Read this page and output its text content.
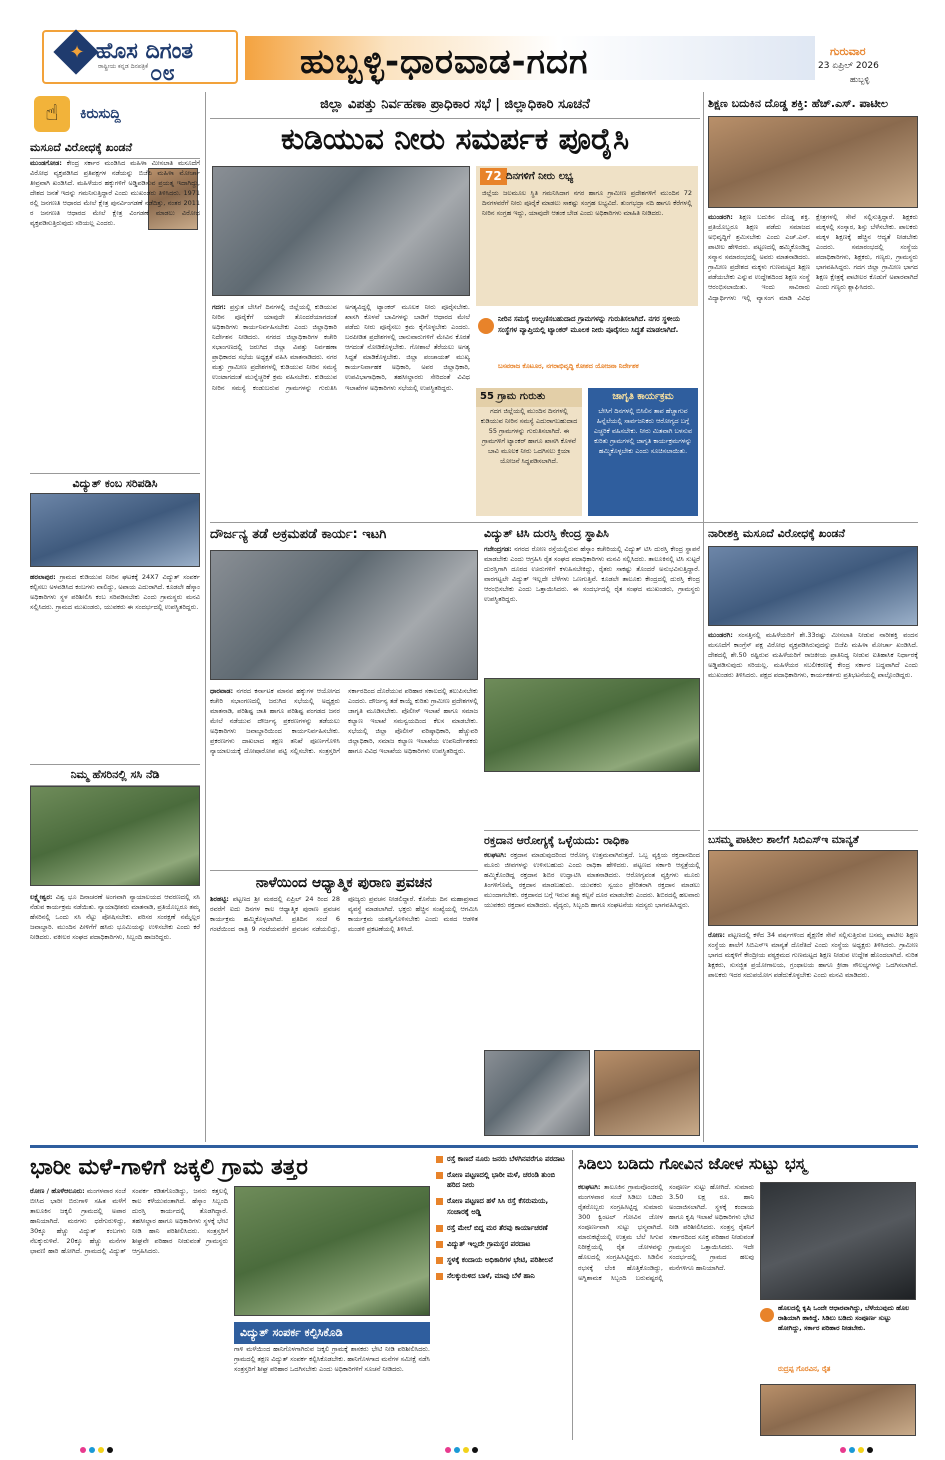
✦ ಹೊಸ ದಿಗಂತ
ರಾಷ್ಟ್ರೀಯ ಕನ್ನಡ ದಿನಪತ್ರಿಕೆ ೦೮	ಹುಬ್ಬಳ್ಳಿ-ಧಾರವಾಡ-ಗದಗ	ಗುರುವಾರ
23 ಏಪ್ರಿಲ್ 2026
ಹುಬ್ಬಳ್ಳಿ
☝	ಕಿರುಸುದ್ದಿ
ಮಸೂದೆ ವಿರೋಧಕ್ಕೆ ಖಂಡನೆ
ಮುಂಡಗೋಡ: ಕೇಂದ್ರ ಸರ್ಕಾರ ಮಂಡಿಸಿದ ಮಹಿಳಾ ಮೀಸಲಾತಿ ಮಸೂದೆಗೆ ವಿರೋಧ ವ್ಯಕ್ತಪಡಿಸಿದ ಪ್ರತಿಪಕ್ಷಗಳ ನಡೆಯನ್ನು ಬಿಜೆಪಿ ಮಹಿಳಾ ಮೋರ್ಚಾ ತೀವ್ರವಾಗಿ ಖಂಡಿಸಿದೆ. ಮಹಿಳೆಯರ ಹಕ್ಕುಗಳಿಗೆ ಅಡ್ಡಿಪಡಿಸುವ ಪ್ರಯತ್ನ ಇದಾಗಿದ್ದು, ದೇಶದ ಜನತೆ ಇದನ್ನು ಗಮನಿಸುತ್ತಿದ್ದಾರೆ ಎಂದು ಮುಖಂಡರು ತಿಳಿಸಿದರು. 1971 ರಲ್ಲಿ ಜನಗಣತಿ ಆಧಾರದ ಮೇಲೆ ಕ್ಷೇತ್ರ ಪುನರ್ವಿಂಗಡಣೆ ನಡೆದಿತ್ತು, ನಂತರ 2011 ರ ಜನಗಣತಿ ಆಧಾರದ ಮೇಲೆ ಕ್ಷೇತ್ರ ವಿಂಗಡಣೆ ಮಾಡಲು ವಿರೋಧ ವ್ಯಕ್ತಪಡಿಸುತ್ತಿರುವುದು ಸರಿಯಲ್ಲ ಎಂದರು.
ವಿದ್ಯುತ್ ಕಂಬ ಸರಿಪಡಿಸಿ
ಹರಲಾಪುರ: ಗ್ರಾಮದ ಕುಡಿಯುವ ನೀರಿನ ಘಟಕಕ್ಕೆ 24X7 ವಿದ್ಯುತ್ ಸಂಪರ್ಕ ಕಲ್ಪಿಸಲು ಅಳವಡಿಸಿದ ಕಂಬಗಳು ವಾಲಿದ್ದು, ಅಪಾಯ ಎದುರಾಗಿದೆ. ಕೂಡಲೇ ಹೆಸ್ಕಾಂ ಅಧಿಕಾರಿಗಳು ಸ್ಥಳ ಪರಿಶೀಲಿಸಿ ಕಂಬ ಸರಿಪಡಿಸಬೇಕು ಎಂದು ಗ್ರಾಮಸ್ಥರು ಮನವಿ ಸಲ್ಲಿಸಿದರು. ಗ್ರಾಮದ ಮುಖಂಡರು, ಯುವಕರು ಈ ಸಂದರ್ಭದಲ್ಲಿ ಉಪಸ್ಥಿತರಿದ್ದರು.
ನಿಮ್ಮ ಹೆಸರಿನಲ್ಲಿ ಸಸಿ ನೆಡಿ
ಲಕ್ಷ್ಮೇಶ್ವರ: ವಿಶ್ವ ಭೂ ದಿನಾಚರಣೆ ಅಂಗವಾಗಿ ನ್ಯಾಯಾಲಯದ ಆವರಣದಲ್ಲಿ ಸಸಿ ನೆಡುವ ಕಾರ್ಯಕ್ರಮ ನಡೆಯಿತು. ನ್ಯಾಯಾಧೀಶರು ಮಾತನಾಡಿ, ಪ್ರತಿಯೊಬ್ಬರೂ ತಮ್ಮ ಹೆಸರಿನಲ್ಲಿ ಒಂದು ಸಸಿ ನೆಟ್ಟು ಪೋಷಿಸಬೇಕು. ಪರಿಸರ ಸಂರಕ್ಷಣೆ ನಮ್ಮೆಲ್ಲರ ಜವಾಬ್ದಾರಿ. ಮುಂದಿನ ಪೀಳಿಗೆಗೆ ಹಸಿರು ಭೂಮಿಯನ್ನು ಉಳಿಸಬೇಕು ಎಂದು ಕರೆ ನೀಡಿದರು. ವಕೀಲರ ಸಂಘದ ಪದಾಧಿಕಾರಿಗಳು, ಸಿಬ್ಬಂದಿ ಹಾಜರಿದ್ದರು.
ಜಿಲ್ಲಾ ವಿಪತ್ತು ನಿರ್ವಹಣಾ ಪ್ರಾಧಿಕಾರ ಸಭೆ | ಜಿಲ್ಲಾಧಿಕಾರಿ ಸೂಚನೆ
ಕುಡಿಯುವ ನೀರು ಸಮರ್ಪಕ ಪೂರೈಸಿ
ಗದಗ: ಪ್ರಸ್ತುತ ಬೇಸಿಗೆ ದಿನಗಳಲ್ಲಿ ಜಿಲ್ಲೆಯಲ್ಲಿ ಕುಡಿಯುವ ನೀರಿನ ಪೂರೈಕೆಗೆ ಯಾವುದೇ ತೊಂದರೆಯಾಗದಂತೆ ಅಧಿಕಾರಿಗಳು ಕಾರ್ಯನಿರ್ವಹಿಸಬೇಕು ಎಂದು ಜಿಲ್ಲಾಧಿಕಾರಿ ನಿರ್ದೇಶನ ನೀಡಿದರು. ನಗರದ ಜಿಲ್ಲಾಧಿಕಾರಿಗಳ ಕಚೇರಿ ಸಭಾಂಗಣದಲ್ಲಿ ಜರುಗಿದ ಜಿಲ್ಲಾ ವಿಪತ್ತು ನಿರ್ವಹಣಾ ಪ್ರಾಧಿಕಾರದ ಸಭೆಯ ಅಧ್ಯಕ್ಷತೆ ವಹಿಸಿ ಮಾತನಾಡಿದರು. ನಗರ ಮತ್ತು ಗ್ರಾಮೀಣ ಪ್ರದೇಶಗಳಲ್ಲಿ ಕುಡಿಯುವ ನೀರಿನ ಸಮಸ್ಯೆ ಉಂಟಾಗದಂತೆ ಮುನ್ನೆಚ್ಚರಿಕೆ ಕ್ರಮ ವಹಿಸಬೇಕು. ಕುಡಿಯುವ ನೀರಿನ ಸಮಸ್ಯೆ ಕಂಡುಬರುವ ಗ್ರಾಮಗಳನ್ನು ಗುರುತಿಸಿ ಅಗತ್ಯವಿದ್ದಲ್ಲಿ ಟ್ಯಾಂಕರ್ ಮೂಲಕ ನೀರು ಪೂರೈಸಬೇಕು. ಖಾಸಗಿ ಕೊಳವೆ ಬಾವಿಗಳನ್ನು ಬಾಡಿಗೆ ಆಧಾರದ ಮೇಲೆ ಪಡೆದು ನೀರು ಪೂರೈಸಲು ಕ್ರಮ ಕೈಗೊಳ್ಳಬೇಕು ಎಂದರು. ಬರಪೀಡಿತ ಪ್ರದೇಶಗಳಲ್ಲಿ ಜಾನುವಾರುಗಳಿಗೆ ಮೇವಿನ ಕೊರತೆ ಆಗದಂತೆ ನೋಡಿಕೊಳ್ಳಬೇಕು. ಗೋಶಾಲೆ ತೆರೆಯಲು ಅಗತ್ಯ ಸಿದ್ಧತೆ ಮಾಡಿಕೊಳ್ಳಬೇಕು. ಜಿಲ್ಲಾ ಪಂಚಾಯತ್ ಮುಖ್ಯ ಕಾರ್ಯನಿರ್ವಾಹಕ ಅಧಿಕಾರಿ, ಅಪರ ಜಿಲ್ಲಾಧಿಕಾರಿ, ಉಪವಿಭಾಗಾಧಿಕಾರಿ, ತಹಸೀಲ್ದಾರರು ಸೇರಿದಂತೆ ವಿವಿಧ ಇಲಾಖೆಗಳ ಅಧಿಕಾರಿಗಳು ಸಭೆಯಲ್ಲಿ ಉಪಸ್ಥಿತರಿದ್ದರು.
72 ದಿನಗಳಿಗೆ ನೀರು ಲಭ್ಯ
ಜಿಲ್ಲೆಯ ಜಲಮೂಲ ಸ್ಥಿತಿ ಗಮನಿಸಿದಾಗ ನಗರ ಹಾಗೂ ಗ್ರಾಮೀಣ ಪ್ರದೇಶಗಳಿಗೆ ಮುಂದಿನ 72 ದಿನಗಳವರೆಗೆ ನೀರು ಪೂರೈಕೆ ಮಾಡಲು ಸಾಕಷ್ಟು ಸಂಗ್ರಹ ಲಭ್ಯವಿದೆ. ತುಂಗಭದ್ರಾ ನದಿ ಹಾಗೂ ಕೆರೆಗಳಲ್ಲಿ ನೀರಿನ ಸಂಗ್ರಹ ಇದ್ದು, ಯಾವುದೇ ಆತಂಕ ಬೇಡ ಎಂದು ಅಧಿಕಾರಿಗಳು ಮಾಹಿತಿ ನೀಡಿದರು.
ನೀರಿನ ಸಮಸ್ಯೆ ಉಲ್ಬಣಿಸಬಹುದಾದ ಗ್ರಾಮಗಳನ್ನು ಗುರುತಿಸಲಾಗಿದೆ. ನಗರ ಸ್ಥಳೀಯ ಸಂಸ್ಥೆಗಳ ವ್ಯಾಪ್ತಿಯಲ್ಲಿ ಟ್ಯಾಂಕರ್ ಮೂಲಕ ನೀರು ಪೂರೈಸಲು ಸಿದ್ಧತೆ ಮಾಡಲಾಗಿದೆ.
ಬಸವರಾಜ ಕೊಟೂರ, ನಗರಾಭಿವೃದ್ಧಿ ಕೋಶದ ಯೋಜನಾ ನಿರ್ದೇಶಕ
55 ಗ್ರಾಮ ಗುರುತು
ಗದಗ ಜಿಲ್ಲೆಯಲ್ಲಿ ಮುಂದಿನ ದಿನಗಳಲ್ಲಿ ಕುಡಿಯುವ ನೀರಿನ ಸಮಸ್ಯೆ ಎದುರಾಗಬಹುದಾದ 55 ಗ್ರಾಮಗಳನ್ನು ಗುರುತಿಸಲಾಗಿದೆ. ಈ ಗ್ರಾಮಗಳಿಗೆ ಟ್ಯಾಂಕರ್ ಹಾಗೂ ಖಾಸಗಿ ಕೊಳವೆ ಬಾವಿ ಮೂಲಕ ನೀರು ಒದಗಿಸಲು ಕ್ರಿಯಾ ಯೋಜನೆ ಸಿದ್ಧಪಡಿಸಲಾಗಿದೆ.
ಜಾಗೃತಿ ಕಾರ್ಯಕ್ರಮ
ಬೇಸಿಗೆ ದಿನಗಳಲ್ಲಿ ಬಿಸಿಲಿನ ತಾಪ ಹೆಚ್ಚಾಗುವ ಹಿನ್ನೆಲೆಯಲ್ಲಿ ಸಾರ್ವಜನಿಕರು ಆರೋಗ್ಯದ ಬಗ್ಗೆ ಎಚ್ಚರಿಕೆ ವಹಿಸಬೇಕು. ನೀರು ಮಿತವಾಗಿ ಬಳಸುವ ಕುರಿತು ಗ್ರಾಮಗಳಲ್ಲಿ ಜಾಗೃತಿ ಕಾರ್ಯಕ್ರಮಗಳನ್ನು ಹಮ್ಮಿಕೊಳ್ಳಬೇಕು ಎಂದು ಸೂಚಿಸಲಾಯಿತು.
ಶಿಕ್ಷಣ ಬದುಕಿನ ದೊಡ್ಡ ಶಕ್ತಿ: ಹೆಚ್.ಎಸ್. ಪಾಟೀಲ
ಮುಂಡರಗಿ: ಶಿಕ್ಷಣ ಬದುಕಿನ ದೊಡ್ಡ ಶಕ್ತಿ. ಪ್ರತಿಯೊಬ್ಬರೂ ಶಿಕ್ಷಣ ಪಡೆದು ಸಮಾಜದ ಅಭಿವೃದ್ಧಿಗೆ ಶ್ರಮಿಸಬೇಕು ಎಂದು ಎಚ್.ಎಸ್. ಪಾಟೀಲ ಹೇಳಿದರು. ಪಟ್ಟಣದಲ್ಲಿ ಹಮ್ಮಿಕೊಂಡಿದ್ದ ಸನ್ಮಾನ ಸಮಾರಂಭದಲ್ಲಿ ಅವರು ಮಾತನಾಡಿದರು. ಗ್ರಾಮೀಣ ಪ್ರದೇಶದ ಮಕ್ಕಳು ಗುಣಮಟ್ಟದ ಶಿಕ್ಷಣ ಪಡೆಯಬೇಕು ಎನ್ನುವ ಉದ್ದೇಶದಿಂದ ಶಿಕ್ಷಣ ಸಂಸ್ಥೆ ಆರಂಭಿಸಲಾಯಿತು. ಇಂದು ಸಾವಿರಾರು ವಿದ್ಯಾರ್ಥಿಗಳು ಇಲ್ಲಿ ವ್ಯಾಸಂಗ ಮಾಡಿ ವಿವಿಧ ಕ್ಷೇತ್ರಗಳಲ್ಲಿ ಸೇವೆ ಸಲ್ಲಿಸುತ್ತಿದ್ದಾರೆ. ಶಿಕ್ಷಕರು ಮಕ್ಕಳಲ್ಲಿ ಸಂಸ್ಕಾರ, ಶಿಸ್ತು ಬೆಳೆಸಬೇಕು. ಪಾಲಕರು ಮಕ್ಕಳ ಶಿಕ್ಷಣಕ್ಕೆ ಹೆಚ್ಚಿನ ಆದ್ಯತೆ ನೀಡಬೇಕು ಎಂದರು. ಸಮಾರಂಭದಲ್ಲಿ ಸಂಸ್ಥೆಯ ಪದಾಧಿಕಾರಿಗಳು, ಶಿಕ್ಷಕರು, ಗಣ್ಯರು, ಗ್ರಾಮಸ್ಥರು ಭಾಗವಹಿಸಿದ್ದರು. ಗದಗ ಜಿಲ್ಲಾ ಗ್ರಾಮೀಣ ಭಾಗದ ಶಿಕ್ಷಣ ಕ್ಷೇತ್ರಕ್ಕೆ ಪಾಟೀಲರ ಕೊಡುಗೆ ಅಪಾರವಾಗಿದೆ ಎಂದು ಗಣ್ಯರು ಶ್ಲಾಘಿಸಿದರು.
ದೌರ್ಜನ್ಯ ತಡೆ ಅಕ್ರಮಪಡೆ ಕಾರ್ಯ: ಇಟಗಿ
ಧಾರವಾಡ: ನಗರದ ಕರ್ನಾಟಕ ಮಾನವ ಹಕ್ಕುಗಳ ಆಯೋಗದ ಕಚೇರಿ ಸಭಾಂಗಣದಲ್ಲಿ ಜರುಗಿದ ಸಭೆಯಲ್ಲಿ ಅಧ್ಯಕ್ಷರು ಮಾತನಾಡಿ, ಪರಿಶಿಷ್ಟ ಜಾತಿ ಹಾಗೂ ಪರಿಶಿಷ್ಟ ಪಂಗಡದ ಜನರ ಮೇಲೆ ನಡೆಯುವ ದೌರ್ಜನ್ಯ ಪ್ರಕರಣಗಳನ್ನು ತಡೆಯಲು ಅಧಿಕಾರಿಗಳು ಜವಾಬ್ದಾರಿಯಿಂದ ಕಾರ್ಯನಿರ್ವಹಿಸಬೇಕು. ಪ್ರಕರಣಗಳು ದಾಖಲಾದ ತಕ್ಷಣ ತನಿಖೆ ಪೂರ್ಣಗೊಳಿಸಿ ನ್ಯಾಯಾಲಯಕ್ಕೆ ದೋಷಾರೋಪ ಪಟ್ಟಿ ಸಲ್ಲಿಸಬೇಕು. ಸಂತ್ರಸ್ತರಿಗೆ ಸರ್ಕಾರದಿಂದ ದೊರೆಯುವ ಪರಿಹಾರ ಸಕಾಲದಲ್ಲಿ ತಲುಪಿಸಬೇಕು ಎಂದರು. ದೌರ್ಜನ್ಯ ತಡೆ ಕಾಯ್ದೆ ಕುರಿತು ಗ್ರಾಮೀಣ ಪ್ರದೇಶಗಳಲ್ಲಿ ಜಾಗೃತಿ ಮೂಡಿಸಬೇಕು. ಪೊಲೀಸ್ ಇಲಾಖೆ ಹಾಗೂ ಸಮಾಜ ಕಲ್ಯಾಣ ಇಲಾಖೆ ಸಮನ್ವಯದಿಂದ ಕೆಲಸ ಮಾಡಬೇಕು. ಸಭೆಯಲ್ಲಿ ಜಿಲ್ಲಾ ಪೊಲೀಸ್ ವರಿಷ್ಠಾಧಿಕಾರಿ, ಹೆಚ್ಚುವರಿ ಜಿಲ್ಲಾಧಿಕಾರಿ, ಸಮಾಜ ಕಲ್ಯಾಣ ಇಲಾಖೆಯ ಉಪನಿರ್ದೇಶಕರು ಹಾಗೂ ವಿವಿಧ ಇಲಾಖೆಯ ಅಧಿಕಾರಿಗಳು ಉಪಸ್ಥಿತರಿದ್ದರು.
ವಿದ್ಯುತ್ ಟಿಸಿ ದುರಸ್ತಿ ಕೇಂದ್ರ ಸ್ಥಾಪಿಸಿ
ಗಜೇಂದ್ರಗಡ: ನಗರದ ರೋಣ ರಸ್ತೆಯಲ್ಲಿರುವ ಹೆಸ್ಕಾಂ ಕಚೇರಿಯಲ್ಲಿ ವಿದ್ಯುತ್ ಟಿಸಿ ದುರಸ್ತಿ ಕೇಂದ್ರ ಸ್ಥಾಪನೆ ಮಾಡಬೇಕು ಎಂದು ಆಗ್ರಹಿಸಿ ರೈತ ಸಂಘದ ಪದಾಧಿಕಾರಿಗಳು ಮನವಿ ಸಲ್ಲಿಸಿದರು. ತಾಲೂಕಿನಲ್ಲಿ ಟಿಸಿ ಸುಟ್ಟರೆ ದುರಸ್ತಿಗಾಗಿ ದೂರದ ಊರುಗಳಿಗೆ ಕಳುಹಿಸಬೇಕಿದ್ದು, ರೈತರು ಸಾಕಷ್ಟು ತೊಂದರೆ ಅನುಭವಿಸುತ್ತಿದ್ದಾರೆ. ವಾರಗಟ್ಟಲೇ ವಿದ್ಯುತ್ ಇಲ್ಲದೇ ಬೆಳೆಗಳು ಒಣಗುತ್ತಿವೆ. ಕೂಡಲೇ ತಾಲೂಕು ಕೇಂದ್ರದಲ್ಲಿ ದುರಸ್ತಿ ಕೇಂದ್ರ ಆರಂಭಿಸಬೇಕು ಎಂದು ಒತ್ತಾಯಿಸಿದರು. ಈ ಸಂದರ್ಭದಲ್ಲಿ ರೈತ ಸಂಘದ ಮುಖಂಡರು, ಗ್ರಾಮಸ್ಥರು ಉಪಸ್ಥಿತರಿದ್ದರು.
ನಾರೀಶಕ್ತಿ ಮಸೂದೆ ವಿರೋಧಕ್ಕೆ ಖಂಡನೆ
ಮುಂಡರಗಿ: ಸಂಸತ್ತಿನಲ್ಲಿ ಮಹಿಳೆಯರಿಗೆ ಶೇ.33ರಷ್ಟು ಮೀಸಲಾತಿ ನೀಡುವ ನಾರೀಶಕ್ತಿ ವಂದನ ಮಸೂದೆಗೆ ಕಾಂಗ್ರೆಸ್ ಪಕ್ಷ ವಿರೋಧ ವ್ಯಕ್ತಪಡಿಸಿರುವುದನ್ನು ಬಿಜೆಪಿ ಮಹಿಳಾ ಮೋರ್ಚಾ ಖಂಡಿಸಿದೆ. ದೇಶದಲ್ಲಿ ಶೇ.50 ರಷ್ಟಿರುವ ಮಹಿಳೆಯರಿಗೆ ರಾಜಕೀಯ ಪ್ರಾತಿನಿಧ್ಯ ನೀಡುವ ಐತಿಹಾಸಿಕ ನಿರ್ಧಾರಕ್ಕೆ ಅಡ್ಡಿಪಡಿಸುವುದು ಸರಿಯಲ್ಲ. ಮಹಿಳೆಯರ ಸಬಲೀಕರಣಕ್ಕೆ ಕೇಂದ್ರ ಸರ್ಕಾರ ಬದ್ಧವಾಗಿದೆ ಎಂದು ಮುಖಂಡರು ತಿಳಿಸಿದರು. ಪಕ್ಷದ ಪದಾಧಿಕಾರಿಗಳು, ಕಾರ್ಯಕರ್ತರು ಪ್ರತಿಭಟನೆಯಲ್ಲಿ ಪಾಲ್ಗೊಂಡಿದ್ದರು.
ರಕ್ತದಾನ ಆರೋಗ್ಯಕ್ಕೆ ಒಳ್ಳೆಯದು: ರಾಧಿಕಾ
ಕಲಘಟಗಿ: ರಕ್ತದಾನ ಮಾಡುವುದರಿಂದ ಆರೋಗ್ಯ ಉತ್ತಮವಾಗಿರುತ್ತದೆ. ಒಬ್ಬ ವ್ಯಕ್ತಿಯ ರಕ್ತದಾನದಿಂದ ಮೂರು ಜೀವಗಳನ್ನು ಉಳಿಸಬಹುದು ಎಂದು ರಾಧಿಕಾ ಹೇಳಿದರು. ಪಟ್ಟಣದ ಸರ್ಕಾರಿ ಆಸ್ಪತ್ರೆಯಲ್ಲಿ ಹಮ್ಮಿಕೊಂಡಿದ್ದ ರಕ್ತದಾನ ಶಿಬಿರ ಉದ್ಘಾಟಿಸಿ ಮಾತನಾಡಿದರು. ಆರೋಗ್ಯವಂತ ವ್ಯಕ್ತಿಗಳು ಮೂರು ತಿಂಗಳಿಗೊಮ್ಮೆ ರಕ್ತದಾನ ಮಾಡಬಹುದು. ಯುವಕರು ಸ್ವಯಂ ಪ್ರೇರಿತರಾಗಿ ರಕ್ತದಾನ ಮಾಡಲು ಮುಂದಾಗಬೇಕು. ರಕ್ತದಾನದ ಬಗ್ಗೆ ಇರುವ ತಪ್ಪು ಕಲ್ಪನೆ ದೂರ ಮಾಡಬೇಕು ಎಂದರು. ಶಿಬಿರದಲ್ಲಿ ಹಲವಾರು ಯುವಕರು ರಕ್ತದಾನ ಮಾಡಿದರು. ವೈದ್ಯರು, ಸಿಬ್ಬಂದಿ ಹಾಗೂ ಸಂಘಟನೆಯ ಸದಸ್ಯರು ಭಾಗವಹಿಸಿದ್ದರು.
ಬಸಮ್ಮ ಪಾಟೀಲ ಶಾಲೆಗೆ ಸಿಬಿಎಸ್ಇ ಮಾನ್ಯತೆ
ರೋಣ: ಪಟ್ಟಣದಲ್ಲಿ ಕಳೆದ 34 ವರ್ಷಗಳಿಂದ ಶೈಕ್ಷಣಿಕ ಸೇವೆ ಸಲ್ಲಿಸುತ್ತಿರುವ ಬಸಮ್ಮ ಪಾಟೀಲ ಶಿಕ್ಷಣ ಸಂಸ್ಥೆಯ ಶಾಲೆಗೆ ಸಿಬಿಎಸ್ಇ ಮಾನ್ಯತೆ ದೊರೆತಿದೆ ಎಂದು ಸಂಸ್ಥೆಯ ಅಧ್ಯಕ್ಷರು ತಿಳಿಸಿದರು. ಗ್ರಾಮೀಣ ಭಾಗದ ಮಕ್ಕಳಿಗೆ ಕೇಂದ್ರೀಯ ಪಠ್ಯಕ್ರಮದ ಗುಣಮಟ್ಟದ ಶಿಕ್ಷಣ ನೀಡುವ ಉದ್ದೇಶ ಹೊಂದಲಾಗಿದೆ. ನುರಿತ ಶಿಕ್ಷಕರು, ಸುಸಜ್ಜಿತ ಪ್ರಯೋಗಾಲಯ, ಗ್ರಂಥಾಲಯ ಹಾಗೂ ಕ್ರೀಡಾ ಸೌಲಭ್ಯಗಳನ್ನು ಒದಗಿಸಲಾಗಿದೆ. ಪಾಲಕರು ಇದರ ಸದುಪಯೋಗ ಪಡೆದುಕೊಳ್ಳಬೇಕು ಎಂದು ಮನವಿ ಮಾಡಿದರು.
ನಾಳೆಯಿಂದ ಆಧ್ಯಾತ್ಮಿಕ ಪುರಾಣ ಪ್ರವಚನ
ಶಿರಹಟ್ಟಿ: ಪಟ್ಟಣದ ಶ್ರೀ ಮಠದಲ್ಲಿ ಏಪ್ರಿಲ್ 24 ರಿಂದ 28 ರವರೆಗೆ ಐದು ದಿನಗಳ ಕಾಲ ಆಧ್ಯಾತ್ಮಿಕ ಪುರಾಣ ಪ್ರವಚನ ಕಾರ್ಯಕ್ರಮ ಹಮ್ಮಿಕೊಳ್ಳಲಾಗಿದೆ. ಪ್ರತಿದಿನ ಸಂಜೆ 6 ಗಂಟೆಯಿಂದ ರಾತ್ರಿ 9 ಗಂಟೆಯವರೆಗೆ ಪ್ರವಚನ ನಡೆಯಲಿದ್ದು, ಪೂಜ್ಯರು ಪ್ರವಚನ ನೀಡಲಿದ್ದಾರೆ. ಕೊನೆಯ ದಿನ ಮಹಾಪ್ರಸಾದ ವ್ಯವಸ್ಥೆ ಮಾಡಲಾಗಿದೆ. ಭಕ್ತರು ಹೆಚ್ಚಿನ ಸಂಖ್ಯೆಯಲ್ಲಿ ಆಗಮಿಸಿ ಕಾರ್ಯಕ್ರಮ ಯಶಸ್ವಿಗೊಳಿಸಬೇಕು ಎಂದು ಮಠದ ಆಡಳಿತ ಮಂಡಳಿ ಪ್ರಕಟಣೆಯಲ್ಲಿ ತಿಳಿಸಿದೆ.
ಭಾರೀ ಮಳೆ-ಗಾಳಿಗೆ ಜಕ್ಕಲಿ ಗ್ರಾಮ ತತ್ತರ
ರೋಣ / ಹೊಳೆಆಲೂರು: ಮಂಗಳವಾರ ಸಂಜೆ ಬೀಸಿದ ಭಾರೀ ಬಿರುಗಾಳಿ ಸಹಿತ ಮಳೆಗೆ ತಾಲೂಕಿನ ಜಕ್ಕಲಿ ಗ್ರಾಮದಲ್ಲಿ ಅಪಾರ ಹಾನಿಯಾಗಿದೆ. ಮರಗಳು ಧರೆಗುರುಳಿದ್ದು, 30ಕ್ಕೂ ಹೆಚ್ಚು ವಿದ್ಯುತ್ ಕಂಬಗಳು ನೆಲಕ್ಕುರುಳಿವೆ. 20ಕ್ಕೂ ಹೆಚ್ಚು ಮನೆಗಳ ಛಾವಣಿ ಹಾರಿ ಹೋಗಿದೆ. ಗ್ರಾಮದಲ್ಲಿ ವಿದ್ಯುತ್ ಸಂಪರ್ಕ ಕಡಿತಗೊಂಡಿದ್ದು, ಜನರು ಕತ್ತಲಲ್ಲಿ ಕಾಲ ಕಳೆಯುವಂತಾಗಿದೆ. ಹೆಸ್ಕಾಂ ಸಿಬ್ಬಂದಿ ದುರಸ್ತಿ ಕಾರ್ಯದಲ್ಲಿ ತೊಡಗಿದ್ದಾರೆ. ತಹಸೀಲ್ದಾರ ಹಾಗೂ ಅಧಿಕಾರಿಗಳು ಸ್ಥಳಕ್ಕೆ ಭೇಟಿ ನೀಡಿ ಹಾನಿ ಪರಿಶೀಲಿಸಿದರು. ಸಂತ್ರಸ್ತರಿಗೆ ಶೀಘ್ರವೇ ಪರಿಹಾರ ನೀಡುವಂತೆ ಗ್ರಾಮಸ್ಥರು ಆಗ್ರಹಿಸಿದರು.
ವಿದ್ಯುತ್ ಸಂಪರ್ಕ ಕಲ್ಪಿಸಿಕೊಡಿ
ಗಾಳಿ ಮಳೆಯಿಂದ ಹಾನಿಗೊಳಗಾಗಿರುವ ಜಕ್ಕಲಿ ಗ್ರಾಮಕ್ಕೆ ಶಾಸಕರು ಭೇಟಿ ನೀಡಿ ಪರಿಶೀಲಿಸಿದರು. ಗ್ರಾಮದಲ್ಲಿ ತಕ್ಷಣ ವಿದ್ಯುತ್ ಸಂಪರ್ಕ ಕಲ್ಪಿಸಿಕೊಡಬೇಕು. ಹಾನಿಗೊಳಗಾದ ಮನೆಗಳ ಸಮೀಕ್ಷೆ ನಡೆಸಿ ಸಂತ್ರಸ್ತರಿಗೆ ಶೀಘ್ರ ಪರಿಹಾರ ಒದಗಿಸಬೇಕು ಎಂದು ಅಧಿಕಾರಿಗಳಿಗೆ ಸೂಚನೆ ನೀಡಿದರು.
ರಸ್ತೆ ಕಾಣದೆ ನೂರು ಜನರು ಬೆಳಗಿನವರೆಗೂ ಪರದಾಟ
ರೋಣ ಪಟ್ಟಣದಲ್ಲಿ ಭಾರೀ ಮಳೆ, ಚರಂಡಿ ತುಂಬಿ ಹರಿದ ನೀರು
ರೋಣ ಪಟ್ಟಣದ ಹಳೆ ಸಿಸಿ ರಸ್ತೆ ಕೆಸರುಮಯ, ಸಂಚಾರಕ್ಕೆ ಅಡ್ಡಿ
ರಸ್ತೆ ಮೇಲೆ ಬಿದ್ದ ಮರ ತೆರವು ಕಾರ್ಯಾಚರಣೆ
ವಿದ್ಯುತ್ ಇಲ್ಲದೇ ಗ್ರಾಮಸ್ಥರ ಪರದಾಟ
ಸ್ಥಳಕ್ಕೆ ಕಂದಾಯ ಅಧಿಕಾರಿಗಳ ಭೇಟಿ, ಪರಿಶೀಲನೆ
ನೆಲಕ್ಕುರುಳಿದ ಬಾಳೆ, ಮಾವು ಬೆಳೆ ಹಾನಿ
ಸಿಡಿಲು ಬಡಿದು ಗೋವಿನ ಜೋಳ ಸುಟ್ಟು ಭಸ್ಮ
ಕಲಘಟಗಿ: ತಾಲೂಕಿನ ಗ್ರಾಮವೊಂದರಲ್ಲಿ ಮಂಗಳವಾರ ಸಂಜೆ ಸಿಡಿಲು ಬಡಿದು ರೈತರೊಬ್ಬರು ಸಂಗ್ರಹಿಸಿಟ್ಟಿದ್ದ ಸುಮಾರು 300 ಕ್ವಿಂಟಲ್ ಗೋವಿನ ಜೋಳ ಸಂಪೂರ್ಣವಾಗಿ ಸುಟ್ಟು ಭಸ್ಮವಾಗಿದೆ. ಮಾರುಕಟ್ಟೆಯಲ್ಲಿ ಉತ್ತಮ ಬೆಲೆ ಸಿಗುವ ನಿರೀಕ್ಷೆಯಲ್ಲಿ ರೈತ ಜೋಳವನ್ನು ಹೊಲದಲ್ಲಿ ಸಂಗ್ರಹಿಸಿಟ್ಟಿದ್ದರು. ಸಿಡಿಲಿನ ರಭಸಕ್ಕೆ ಬೆಂಕಿ ಹೊತ್ತಿಕೊಂಡಿದ್ದು, ಅಗ್ನಿಶಾಮಕ ಸಿಬ್ಬಂದಿ ಬರುವಷ್ಟರಲ್ಲಿ ಸಂಪೂರ್ಣ ಸುಟ್ಟು ಹೋಗಿದೆ. ಸುಮಾರು 3.50 ಲಕ್ಷ ರೂ. ಹಾನಿ ಅಂದಾಜಿಸಲಾಗಿದೆ. ಸ್ಥಳಕ್ಕೆ ಕಂದಾಯ ಹಾಗೂ ಕೃಷಿ ಇಲಾಖೆ ಅಧಿಕಾರಿಗಳು ಭೇಟಿ ನೀಡಿ ಪರಿಶೀಲಿಸಿದರು. ಸಂತ್ರಸ್ತ ರೈತನಿಗೆ ಸರ್ಕಾರದಿಂದ ಸೂಕ್ತ ಪರಿಹಾರ ನೀಡುವಂತೆ ಗ್ರಾಮಸ್ಥರು ಒತ್ತಾಯಿಸಿದರು. ಇದೇ ಸಂದರ್ಭದಲ್ಲಿ ಗ್ರಾಮದ ಹಲವು ಮನೆಗಳಿಗೂ ಹಾನಿಯಾಗಿದೆ.
ಹೊಲದಲ್ಲಿ ಕೃಷಿ ಒಂದೇ ಆಧಾರವಾಗಿದ್ದು, ಬೆಳೆಯುವುದು ಹೊಲ ರಾಶಿಯಾಗಿ ಹಾಕಿದ್ದೆ. ಸಿಡಿಲು ಬಡಿದು ಸಂಪೂರ್ಣ ಸುಟ್ಟು ಹೋಗಿದ್ದು, ಸರ್ಕಾರ ಪರಿಹಾರ ನೀಡಬೇಕು.
ರುದ್ರಪ್ಪ ಗೊರವಿನ, ರೈತ
